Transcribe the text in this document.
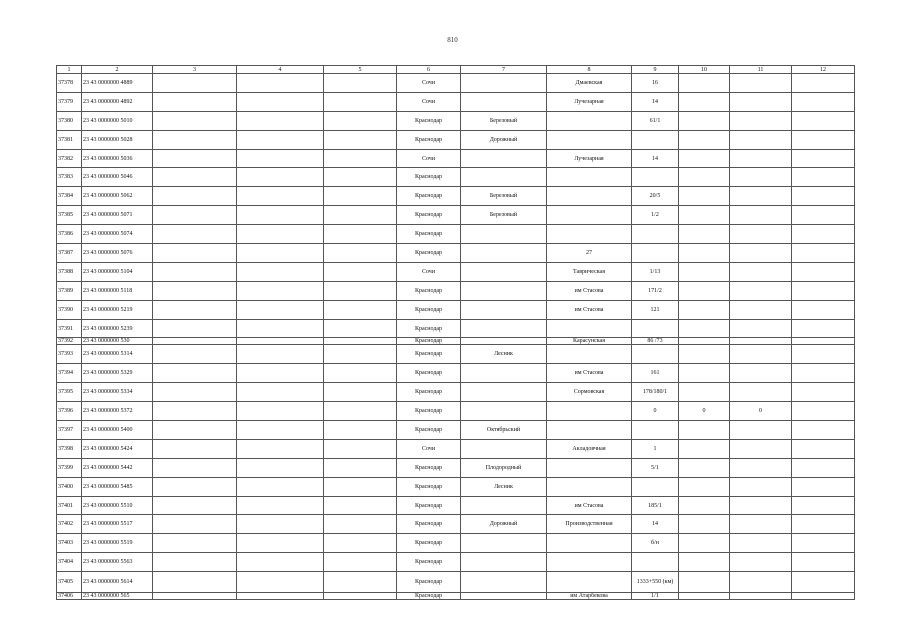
810
1	2	3	4	5	6	7	8	9	10	11	12
37378	23 43 0000000 4889				Сочи		Дмаевская	16			
37379	23 43 0000000 4892				Сочи		Лучезарная	14			
37380	23 43 0000000 5010				Краснодар	Березовый		61/1			
37381	23 43 0000000 5028				Краснодар	Дорожный					
37382	23 43 0000000 5036				Сочи		Лучезарная	14			
37383	23 43 0000000 5046				Краснодар						
37384	23 43 0000000 5062				Краснодар	Березовый		20/5			
37385	23 43 0000000 5071				Краснодар	Березовый		1/2			
37386	23 43 0000000 5074				Краснодар						
37387	23 43 0000000 5076				Краснодар		27				
37388	23 43 0000000 5104				Сочи		Таврическая	1/13			
37389	23 43 0000000 5118				Краснодар		им Стасова	171/2			
37390	23 43 0000000 5219				Краснодар		им Стасова	121			
37391	23 43 0000000 5239				Краснодар						
37392	23 43 0000000 530				Краснодар		Карасунская	86 /73			
37393	23 43 0000000 5314				Краснодар	Лесник					
37394	23 43 0000000 5329				Краснодар		им Стасова	161			
37395	23 43 0000000 5334				Краснодар		Сормовская	178/180/1			
37396	23 43 0000000 5372				Краснодар			0	0	0	
37397	23 43 0000000 5400				Краснодар	Октябрьский					
37398	23 43 0000000 5424				Сочи		Акладовчная	1			
37399	23 43 0000000 5442				Краснодар	Плодородный		5/1			
37400	23 43 0000000 5485				Краснодар	Лесник					
37401	23 43 0000000 5510				Краснодар		им Стасова	185/1			
37402	23 43 0000000 5517				Краснодар	Дорожный	Производственная	14			
37403	23 43 0000000 5519				Краснодар			б/н			
37404	23 43 0000000 5563				Краснодар						
37405	23 43 0000000 5614				Краснодар			1333+550 (км)			
37406	23 43 0000000 565				Краснодар		им Атарбекова	1/1			
